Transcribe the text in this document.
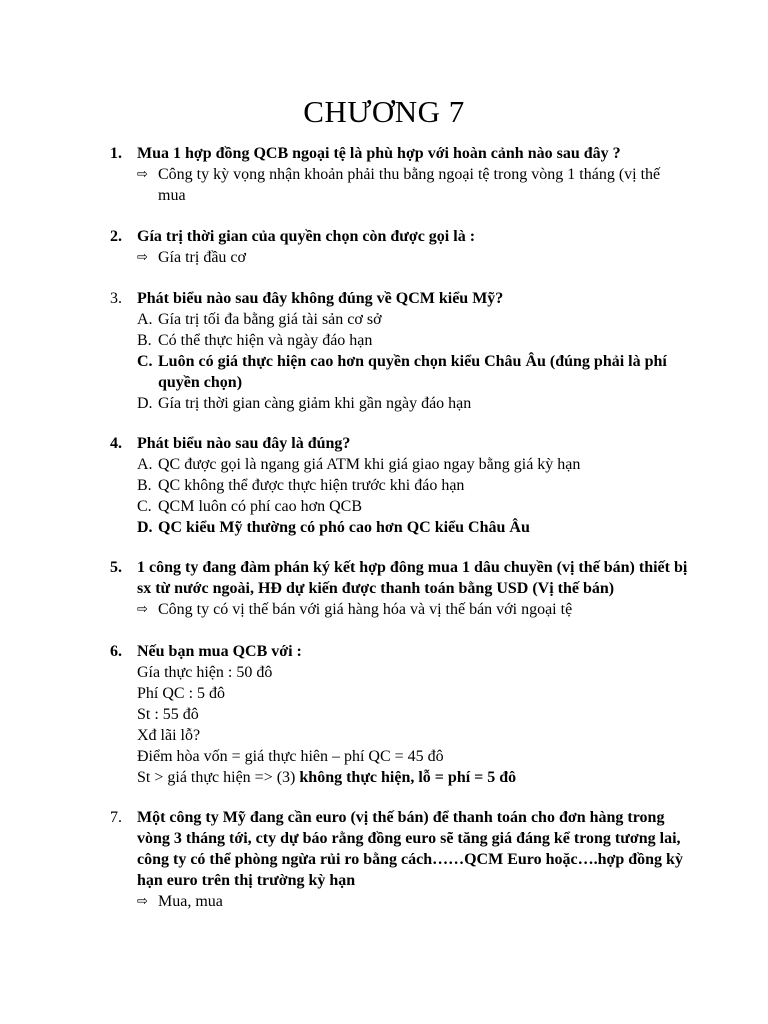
CHƯƠNG 7
1. Mua 1 hợp đồng QCB ngoại tệ là phù hợp với hoàn cảnh nào sau đây ?
⇨ Công ty kỳ vọng nhận khoản phải thu bằng ngoại tệ trong vòng 1 tháng (vị thế mua
2. Gía trị thời gian của quyền chọn còn được gọi là :
⇨ Gía trị đầu cơ
3. Phát biểu nào sau đây không đúng về QCM kiểu Mỹ?
A. Gía trị tối đa bằng giá tài sản cơ sở
B. Có thể thực hiện và ngày đáo hạn
C. Luôn có giá thực hiện cao hơn quyền chọn kiểu Châu Âu (đúng phải là phí quyền chọn)
D. Gía trị thời gian càng giảm khi gần ngày đáo hạn
4. Phát biểu nào sau đây là đúng?
A. QC được gọi là ngang giá ATM khi giá giao ngay bằng giá kỳ hạn
B. QC không thể được thực hiện trước khi đáo hạn
C. QCM luôn có phí cao hơn QCB
D. QC kiểu Mỹ thường có phó cao hơn QC kiểu Châu Âu
5. 1 công ty đang đàm phán ký kết hợp đông mua 1 dâu chuyền (vị thế bán) thiết bị sx từ nước ngoài, HĐ dự kiến được thanh toán bằng USD (Vị thế bán)
⇨ Công ty có vị thế bán với giá hàng hóa và vị thế bán với ngoại tệ
6. Nếu bạn mua QCB với :
Gía thực hiện : 50 đô
Phí QC : 5 đô
St : 55 đô
Xđ lãi lỗ?
Điểm hòa vốn = giá thực hiên – phí QC = 45 đô
St > giá thực hiện => (3) không thực hiện, lỗ = phí = 5 đô
7. Một công ty Mỹ đang cần euro (vị thế bán) để thanh toán cho đơn hàng trong vòng 3 tháng tới, cty dự báo rằng đồng euro sẽ tăng giá đáng kể trong tương lai, công ty có thể phòng ngừa rủi ro bằng cách……QCM Euro hoặc….hợp đồng kỳ hạn euro trên thị trường kỳ hạn
⇨ Mua, mua
